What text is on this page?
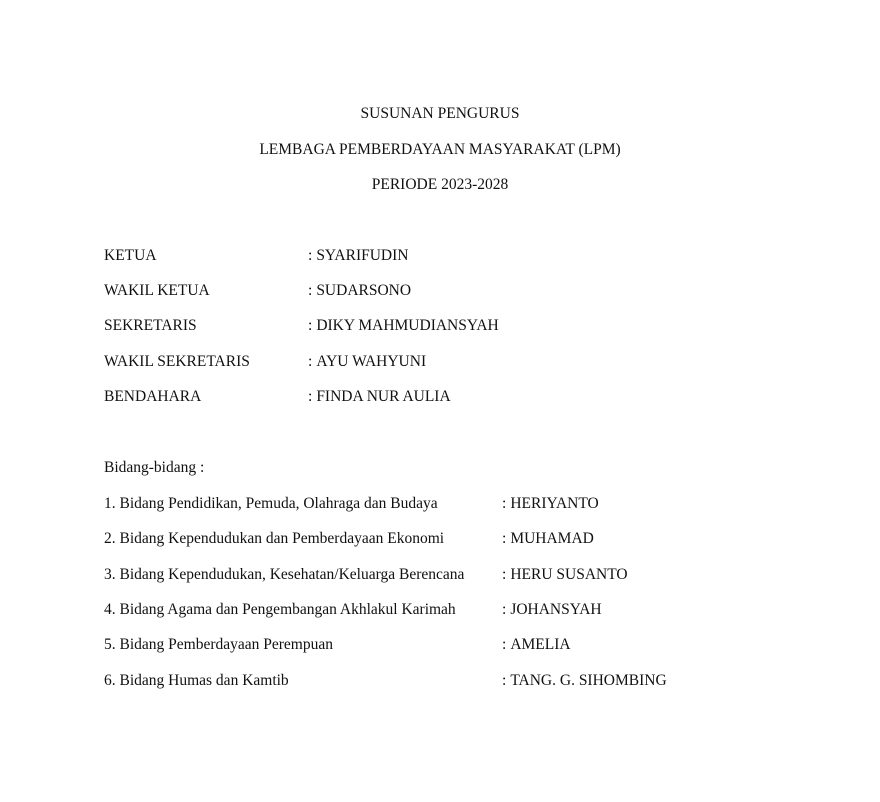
SUSUNAN PENGURUS
LEMBAGA PEMBERDAYAAN MASYARAKAT (LPM)
PERIODE 2023-2028
KETUA	: SYARIFUDIN
WAKIL KETUA	: SUDARSONO
SEKRETARIS	: DIKY MAHMUDIANSYAH
WAKIL SEKRETARIS	: AYU WAHYUNI
BENDAHARA	: FINDA NUR AULIA
Bidang-bidang :
1. Bidang Pendidikan, Pemuda, Olahraga dan Budaya	: HERIYANTO
2. Bidang Kependudukan dan Pemberdayaan Ekonomi	: MUHAMAD
3. Bidang Kependudukan, Kesehatan/Keluarga Berencana : HERU SUSANTO
4. Bidang Agama dan Pengembangan Akhlakul Karimah	: JOHANSYAH
5. Bidang Pemberdayaan Perempuan	: AMELIA
6. Bidang Humas dan Kamtib	: TANG. G. SIHOMBING
